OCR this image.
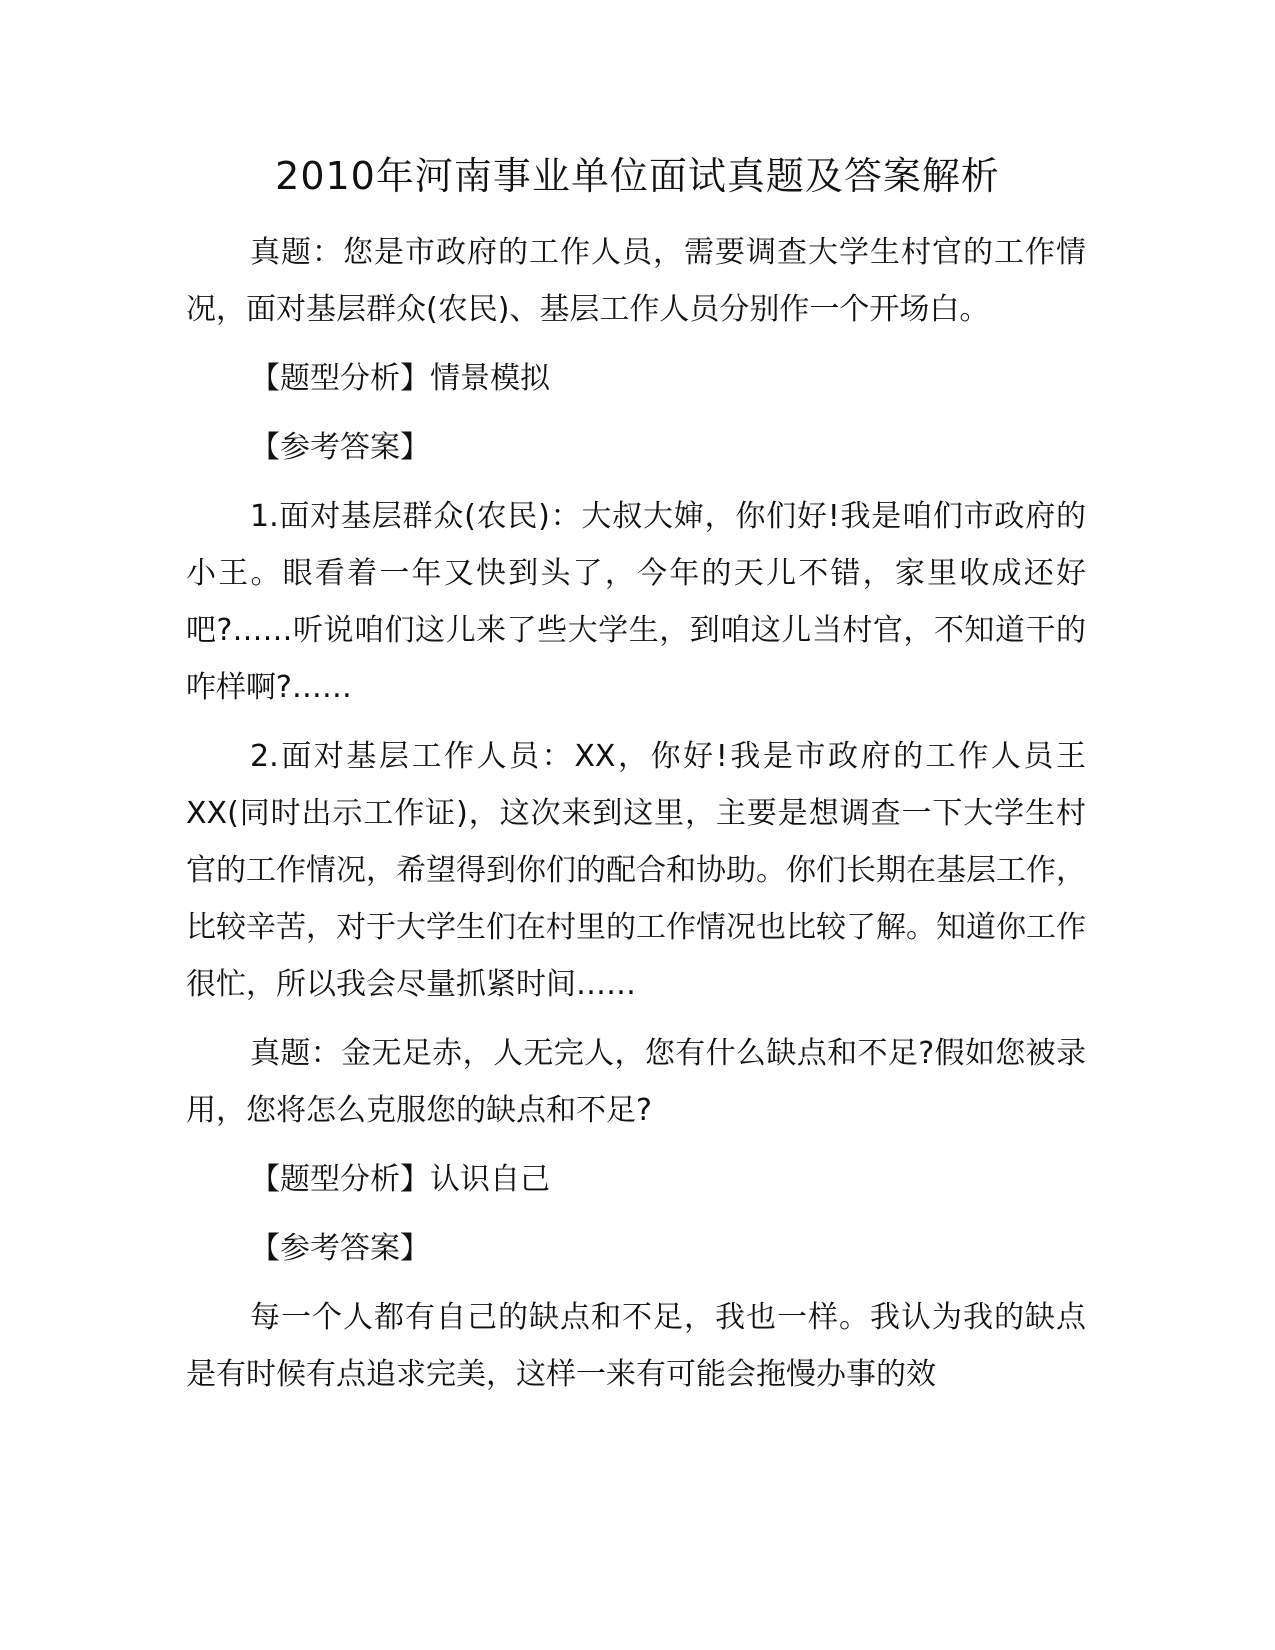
2010年河南事业单位面试真题及答案解析

真题：您是市政府的工作人员，需要调查大学生村官的工作情况，面对基层群众(农民)、基层工作人员分别作一个开场白。

【题型分析】情景模拟

【参考答案】

1.面对基层群众(农民)：大叔大婶，你们好!我是咱们市政府的小王。眼看着一年又快到头了，今年的天儿不错，家里收成还好吧?……听说咱们这儿来了些大学生，到咱这儿当村官，不知道干的咋样啊?……

2.面对基层工作人员：XX，你好!我是市政府的工作人员王XX(同时出示工作证)，这次来到这里，主要是想调查一下大学生村官的工作情况，希望得到你们的配合和协助。你们长期在基层工作，比较辛苦，对于大学生们在村里的工作情况也比较了解。知道你工作很忙，所以我会尽量抓紧时间……

真题：金无足赤，人无完人，您有什么缺点和不足?假如您被录用，您将怎么克服您的缺点和不足?

【题型分析】认识自己

【参考答案】

每一个人都有自己的缺点和不足，我也一样。我认为我的缺点是有时候有点追求完美，这样一来有可能会拖慢办事的效
